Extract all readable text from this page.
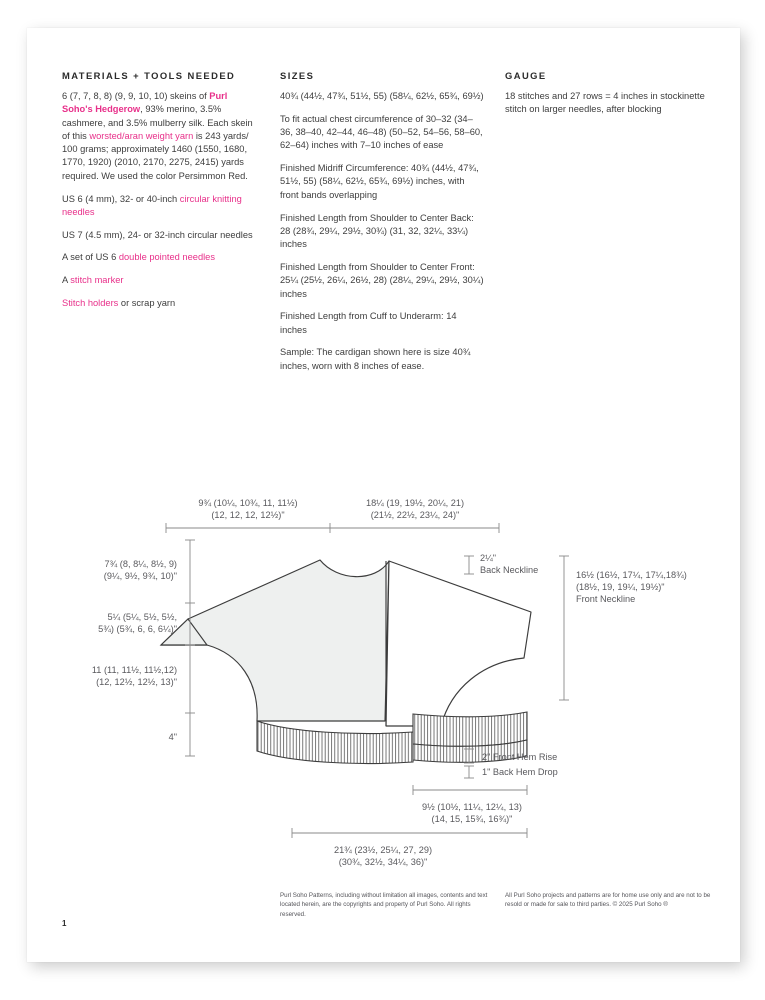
MATERIALS + TOOLS NEEDED

6 (7, 7, 8, 8) (9, 9, 10, 10) skeins of Purl Soho's Hedgerow, 93% merino, 3.5% cashmere, and 3.5% mulberry silk. Each skein of this worsted/aran weight yarn is 243 yards/ 100 grams; approximately 1460 (1550, 1680, 1770, 1920) (2010, 2170, 2275, 2415) yards required. We used the color Persimmon Red.

US 6 (4 mm), 32- or 40-inch circular knitting needles

US 7 (4.5 mm), 24- or 32-inch circular needles

A set of US 6 double pointed needles

A stitch marker

Stitch holders or scrap yarn

SIZES

40¾ (44½, 47¾, 51½, 55) (58¼, 62½, 65¾, 69½)

To fit actual chest circumference of 30–32 (34–36, 38–40, 42–44, 46–48) (50–52, 54–56, 58–60, 62–64) inches with 7–10 inches of ease

Finished Midriff Circumference: 40¾ (44½, 47¾, 51½, 55) (58¼, 62½, 65¾, 69½) inches, with front bands overlapping

Finished Length from Shoulder to Center Back: 28 (28¾, 29¼, 29½, 30¾) (31, 32, 32¼, 33¼) inches

Finished Length from Shoulder to Center Front: 25¼ (25½, 26¼, 26½, 28) (28¼, 29¼, 29½, 30¼) inches

Finished Length from Cuff to Underarm: 14 inches

Sample: The cardigan shown here is size 40¾ inches, worn with 8 inches of ease.

GAUGE

18 stitches and 27 rows = 4 inches in stockinette stitch on larger needles, after blocking

9¾ (10¼, 10¾, 11, 11½)
(12, 12, 12, 12½)"
18¼ (19, 19½, 20¼, 21)
(21½, 22½, 23¼, 24)"
2¼"
Back Neckline	16½ (16½, 17¼, 17¼,18¾)
(18½, 19, 19¼, 19½)"
Front Neckline
7¾ (8, 8¼, 8½, 9)
(9¼, 9½, 9¾, 10)"
5¼ (5¼, 5½, 5½,
5¾) (5¾, 6, 6, 6¼)"
11 (11, 11½, 11½,12)
(12, 12½, 12½, 13)"
4"
2" Front Hem Rise
1" Back Hem Drop
9½ (10½, 11¼, 12¼, 13)
(14, 15, 15¾, 16¾)"
21¾ (23½, 25¼, 27, 29)
(30¾, 32½, 34¼, 36)"
Purl Soho Patterns, including without limitation all images, contents and text located herein, are the copyrights and property of Purl Soho. All rights reserved.
All Purl Soho projects and patterns are for home use only and are not to be resold or made for sale to third parties. © 2025 Purl Soho ®
1
